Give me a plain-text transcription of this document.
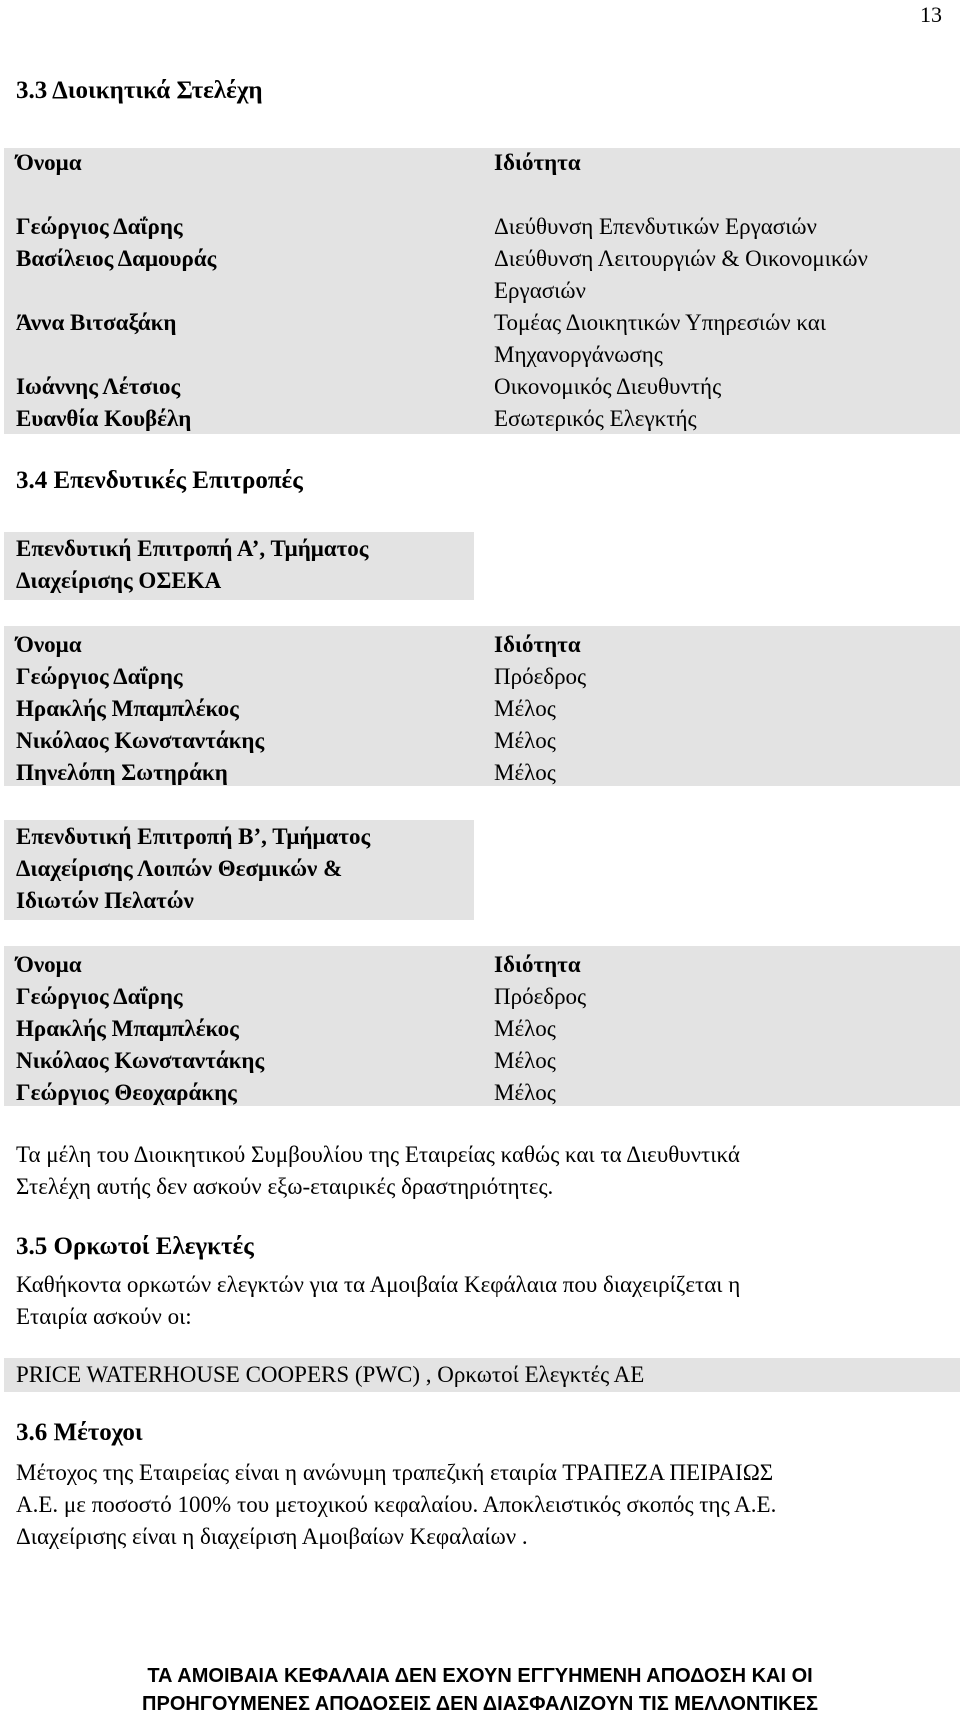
13
3.3 Διοικητικά Στελέχη
Όνομα	Ιδιότητα
Γεώργιος Δαΐρης
Βασίλειος Δαμουράς
Άννα Βιτσαξάκη
Ιωάννης Λέτσιος
Ευανθία Κουβέλη
Διεύθυνση Επενδυτικών Εργασιών
Διεύθυνση Λειτουργιών & Οικονομικών
Εργασιών
Τομέας Διοικητικών Υπηρεσιών και
Μηχανοργάνωσης
Οικονομικός Διευθυντής
Εσωτερικός Ελεγκτής
3.4 Επενδυτικές Επιτροπές
Επενδυτική Επιτροπή Α’, Τμήματος
Διαχείρισης ΟΣΕΚΑ
Όνομα
Γεώργιος Δαΐρης
Ηρακλής Μπαμπλέκος
Νικόλαος Κωνσταντάκης
Πηνελόπη Σωτηράκη
Ιδιότητα
Πρόεδρος
Μέλος
Μέλος
Μέλος
Επενδυτική Επιτροπή Β’, Τμήματος
Διαχείρισης Λοιπών Θεσμικών &
Ιδιωτών Πελατών
Όνομα
Γεώργιος Δαΐρης
Ηρακλής Μπαμπλέκος
Νικόλαος Κωνσταντάκης
Γεώργιος Θεοχαράκης
Ιδιότητα
Πρόεδρος
Μέλος
Μέλος
Μέλος
Τα μέλη του Διοικητικού Συμβουλίου της Εταιρείας καθώς και τα Διευθυντικά
Στελέχη αυτής δεν ασκούν εξω-εταιρικές δραστηριότητες.
3.5 Ορκωτοί Ελεγκτές
Καθήκοντα ορκωτών ελεγκτών για τα Αμοιβαία Κεφάλαια που διαχειρίζεται η
Εταιρία ασκούν οι:
PRICE WATERHOUSE COOPERS (PWC) , Ορκωτοί Ελεγκτές ΑΕ
3.6 Μέτοχοι
Μέτοχος της Εταιρείας είναι η ανώνυμη τραπεζική εταιρία ΤΡΑΠΕΖΑ ΠΕΙΡΑΙΩΣ
Α.Ε. με ποσοστό 100% του μετοχικού κεφαλαίου. Αποκλειστικός σκοπός της Α.Ε.
Διαχείρισης είναι η διαχείριση Αμοιβαίων Κεφαλαίων .
ΤΑ ΑΜΟΙΒΑΙΑ ΚΕΦΑΛΑΙΑ ΔΕΝ ΕΧΟΥΝ ΕΓΓΥΗΜΕΝΗ ΑΠΟΔΟΣΗ ΚΑΙ ΟΙ
ΠΡΟΗΓΟΥΜΕΝΕΣ ΑΠΟΔΟΣΕΙΣ ΔΕΝ ΔΙΑΣΦΑΛΙΖΟΥΝ ΤΙΣ ΜΕΛΛΟΝΤΙΚΕΣ
